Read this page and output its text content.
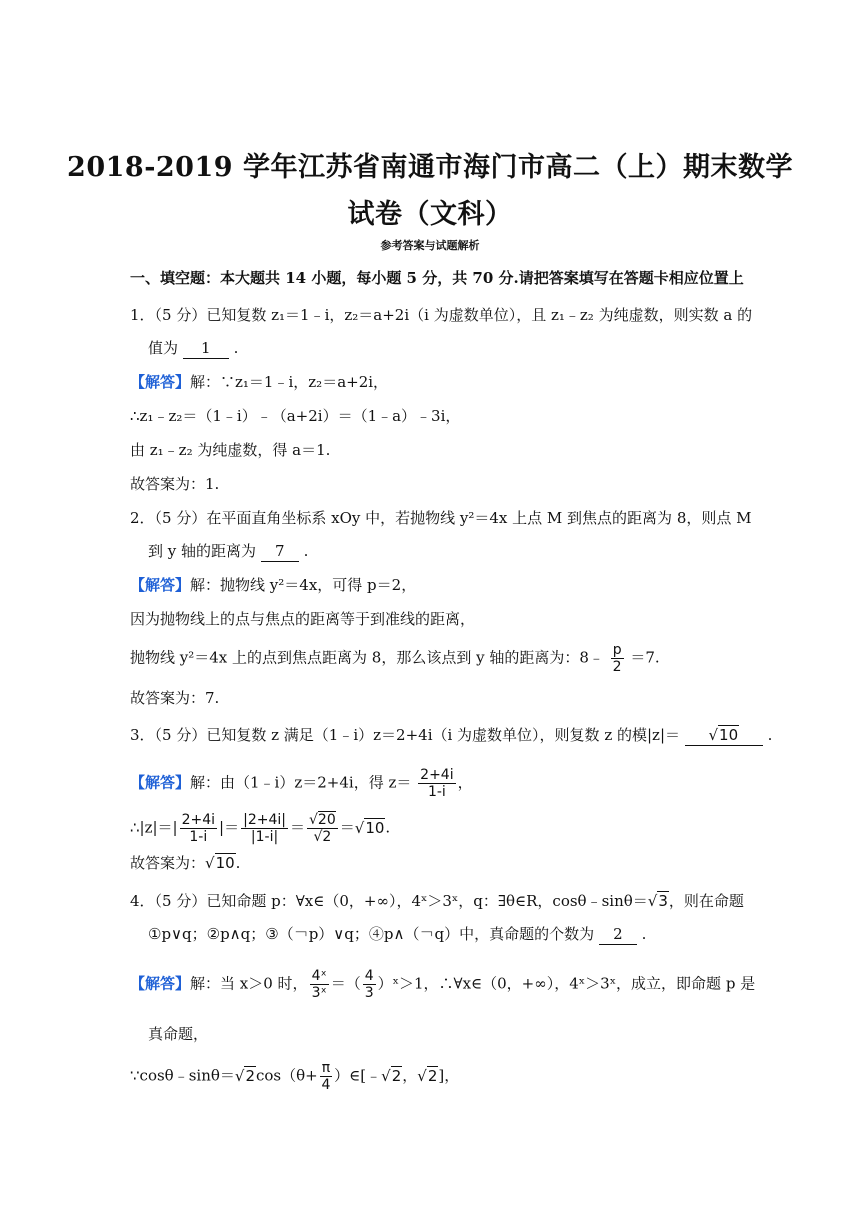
2018-2019 学年江苏省南通市海门市高二（上）期末数学
试卷（文科）
参考答案与试题解析
一、填空题：本大题共 14 小题，每小题 5 分，共 70 分.请把答案填写在答题卡相应位置上
1．（5 分）已知复数 z₁＝1﹣i，z₂＝a+2i（i 为虚数单位），且 z₁﹣z₂ 为纯虚数，则实数 a 的
值为 1 .
【解答】解：∵z₁＝1﹣i，z₂＝a+2i，
∴z₁﹣z₂＝（1﹣i）﹣（a+2i）＝（1﹣a）﹣3i，
由 z₁﹣z₂ 为纯虚数，得 a＝1.
故答案为：1.
2．（5 分）在平面直角坐标系 xOy 中，若抛物线 y²＝4x 上点 M 到焦点的距离为 8，则点 M
到 y 轴的距离为 7 .
【解答】解：抛物线 y²＝4x，可得 p＝2，
因为抛物线上的点与焦点的距离等于到准线的距离，
抛物线 y²＝4x 上的点到焦点距离为 8，那么该点到 y 轴的距离为：8﹣ $\frac{p}{2} =7$.
故答案为：7.
3．（5 分）已知复数 z 满足（1﹣i）z＝2+4i（i 为虚数单位），则复数 z 的模|z|＝ √10 .
【解答】解：由（1﹣i）z＝2+4i，得 $z= \frac{2+4i}{1-i}$ ，
∴|z|＝| $\frac{2+4i}{1-i}$ |＝ $\frac{|2+4i|}{|1-i|} = \frac{√20}{√2} =√10$.
故答案为：√10.
4．（5 分）已知命题 p：∀x∈（0，+∞），4ˣ＞3ˣ，q：∃θ∈R，cosθ﹣sinθ＝√3，则在命题
①p∨q；②p∧q；③（￢p）∨q；④p∧（￢q）中，真命题的个数为 2 .
【解答】解：当 x＞0 时， $\frac{\text{4ˣ}}{\text{3ˣ}}$ ＝（ $\frac{4}{3}$ ）ˣ＞1，∴∀x∈（0，+∞），4ˣ＞3ˣ，成立，即命题 p 是
真命题，
∵cosθ﹣sinθ＝√2cos（θ+ $\frac{\pi}{4}$ ）∈[﹣√2，√2]，
